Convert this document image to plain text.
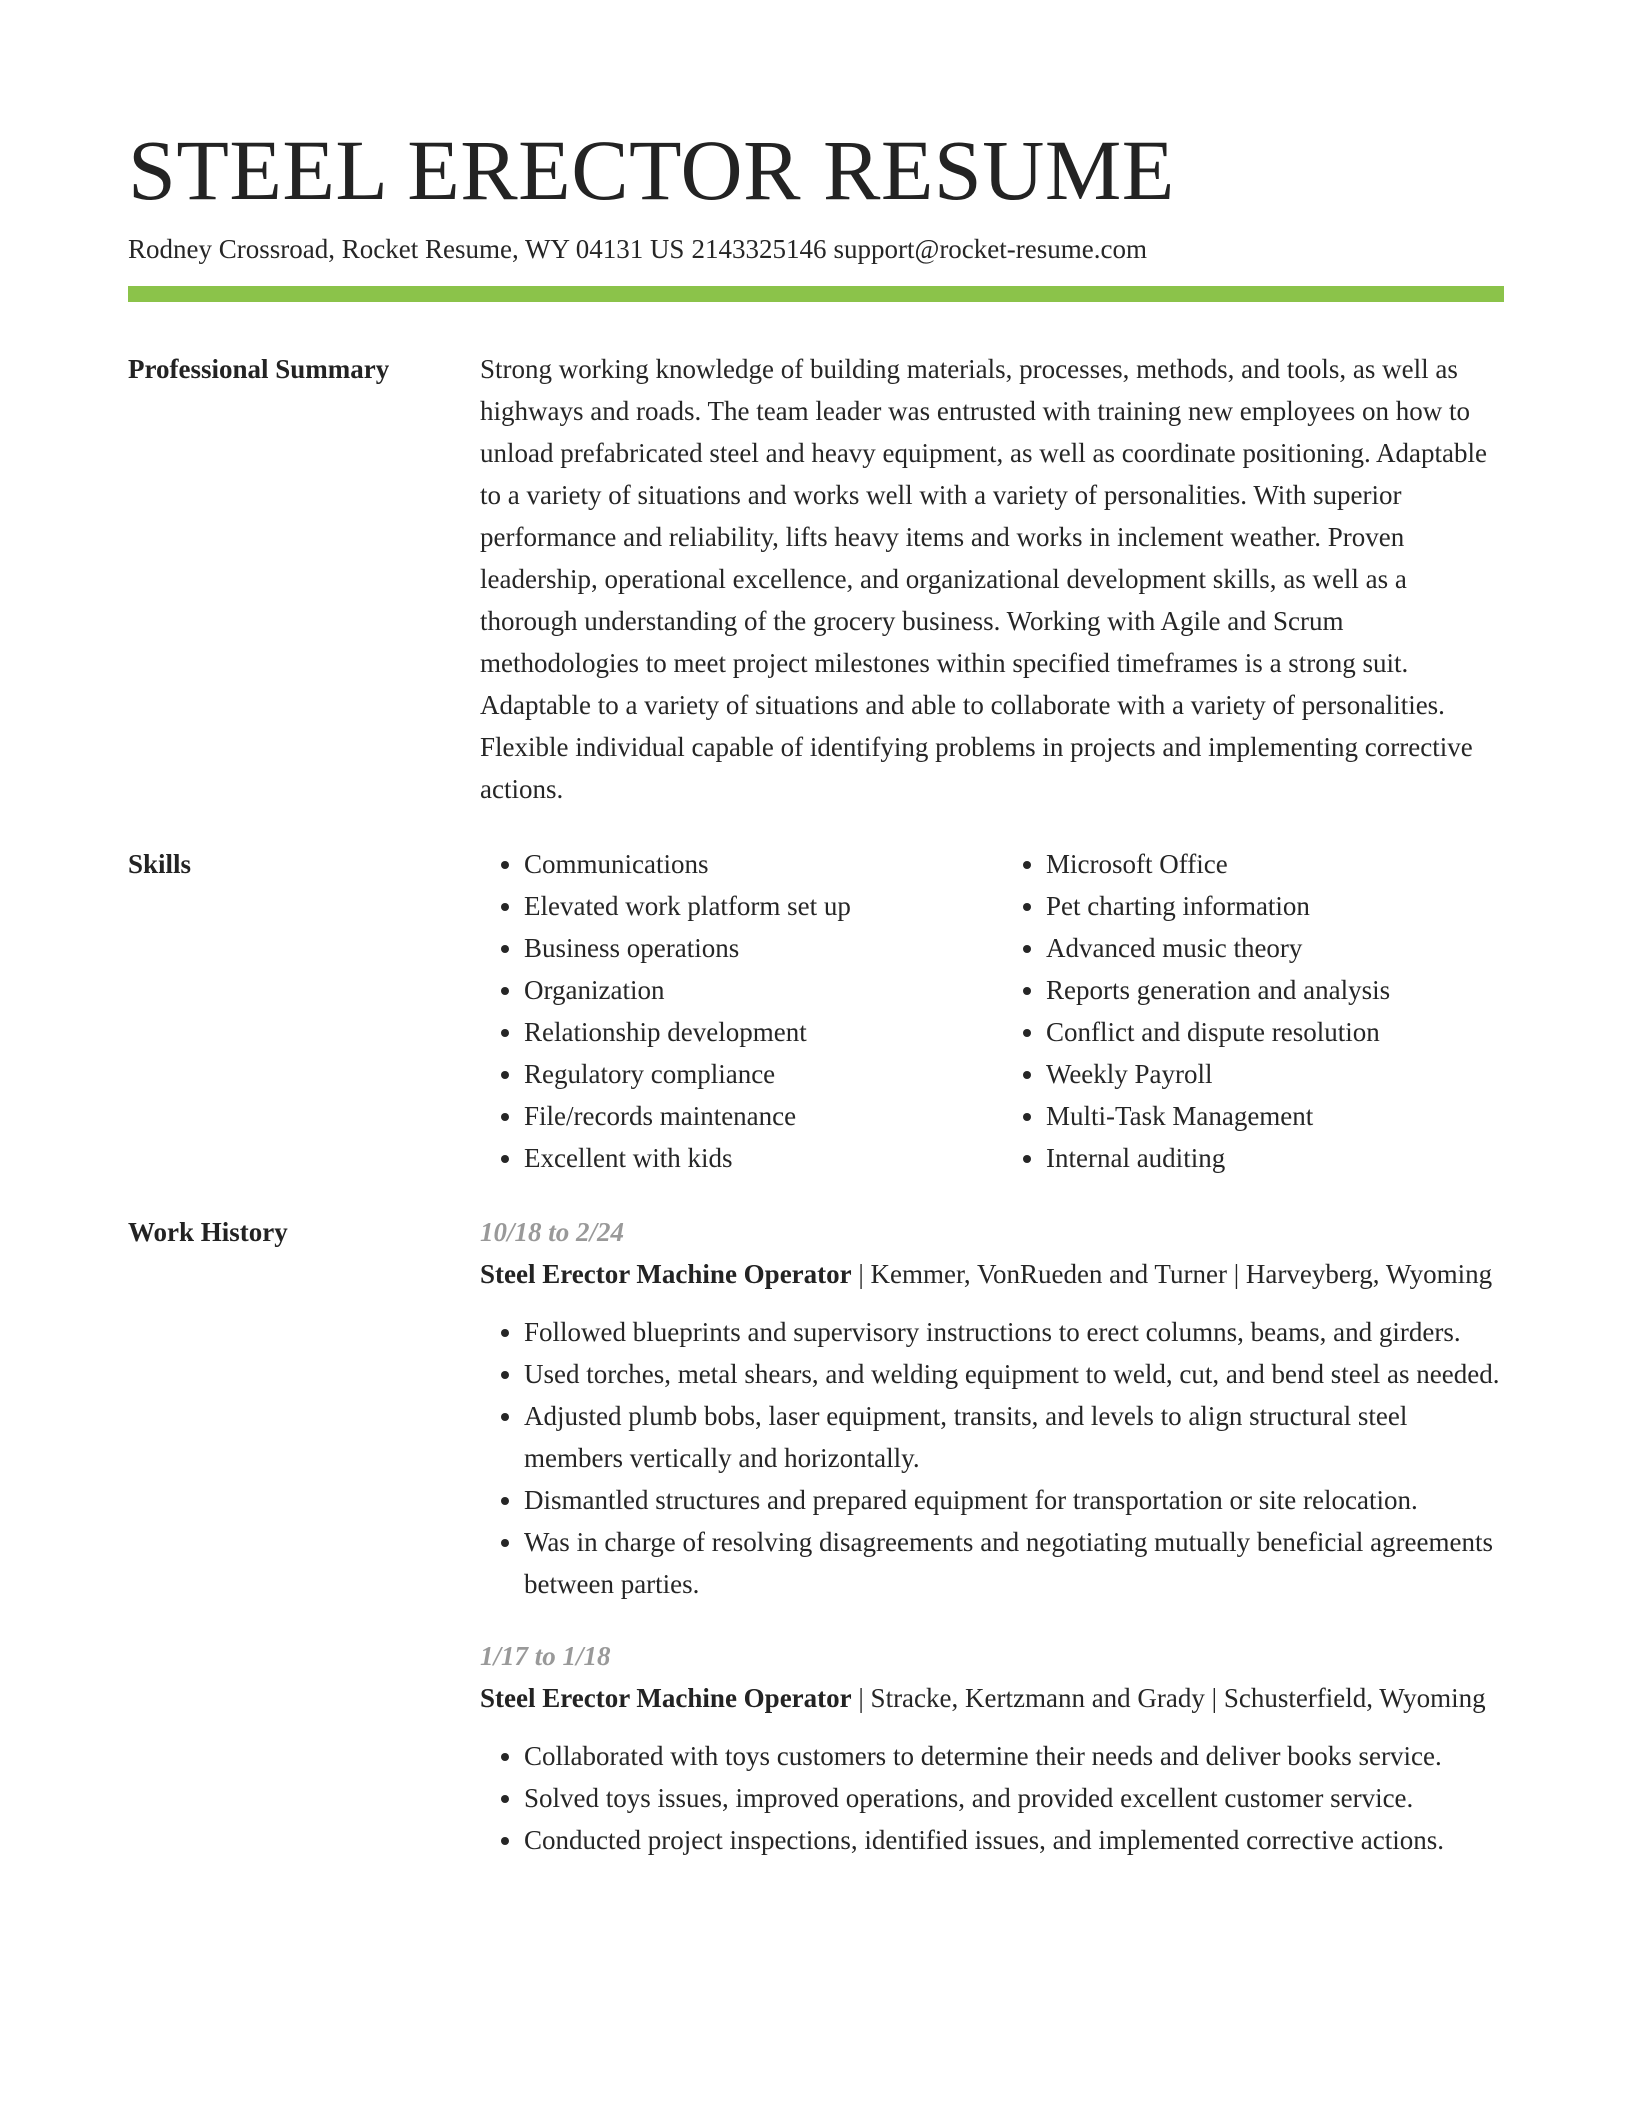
STEEL ERECTOR RESUME
Rodney Crossroad, Rocket Resume, WY 04131 US 2143325146 support@rocket-resume.com
Professional Summary	Strong working knowledge of building materials, processes, methods, and tools, as well as highways and roads. The team leader was entrusted with training new employees on how to unload prefabricated steel and heavy equipment, as well as coordinate positioning. Adaptable to a variety of situations and works well with a variety of personalities. With superior performance and reliability, lifts heavy items and works in inclement weather. Proven leadership, operational excellence, and organizational development skills, as well as a thorough understanding of the grocery business. Working with Agile and Scrum methodologies to meet project milestones within specified timeframes is a strong suit. Adaptable to a variety of situations and able to collaborate with a variety of personalities. Flexible individual capable of identifying problems in projects and implementing corrective actions.

Skills
•	Communications
• Elevated work platform set up
• Business operations
• Organization
• Relationship development
• Regulatory compliance
• File/records maintenance
• Excellent with kids
• Microsoft Office
• Pet charting information
• Advanced music theory
• Reports generation and analysis
• Conflict and dispute resolution
• Weekly Payroll
• Multi-Task Management
• Internal auditing
Work History	10/18 to 2/24
Steel Erector Machine Operator | Kemmer, VonRueden and Turner | Harveyberg, Wyoming
• Followed blueprints and supervisory instructions to erect columns, beams, and girders.
• Used torches, metal shears, and welding equipment to weld, cut, and bend steel as needed.
• Adjusted plumb bobs, laser equipment, transits, and levels to align structural steel members vertically and horizontally.
• Dismantled structures and prepared equipment for transportation or site relocation.
• Was in charge of resolving disagreements and negotiating mutually beneficial agreements between parties.
1/17 to 1/18
Steel Erector Machine Operator | Stracke, Kertzmann and Grady | Schusterfield, Wyoming
• Collaborated with toys customers to determine their needs and deliver books service.
• Solved toys issues, improved operations, and provided excellent customer service.
• Conducted project inspections, identified issues, and implemented corrective actions.
